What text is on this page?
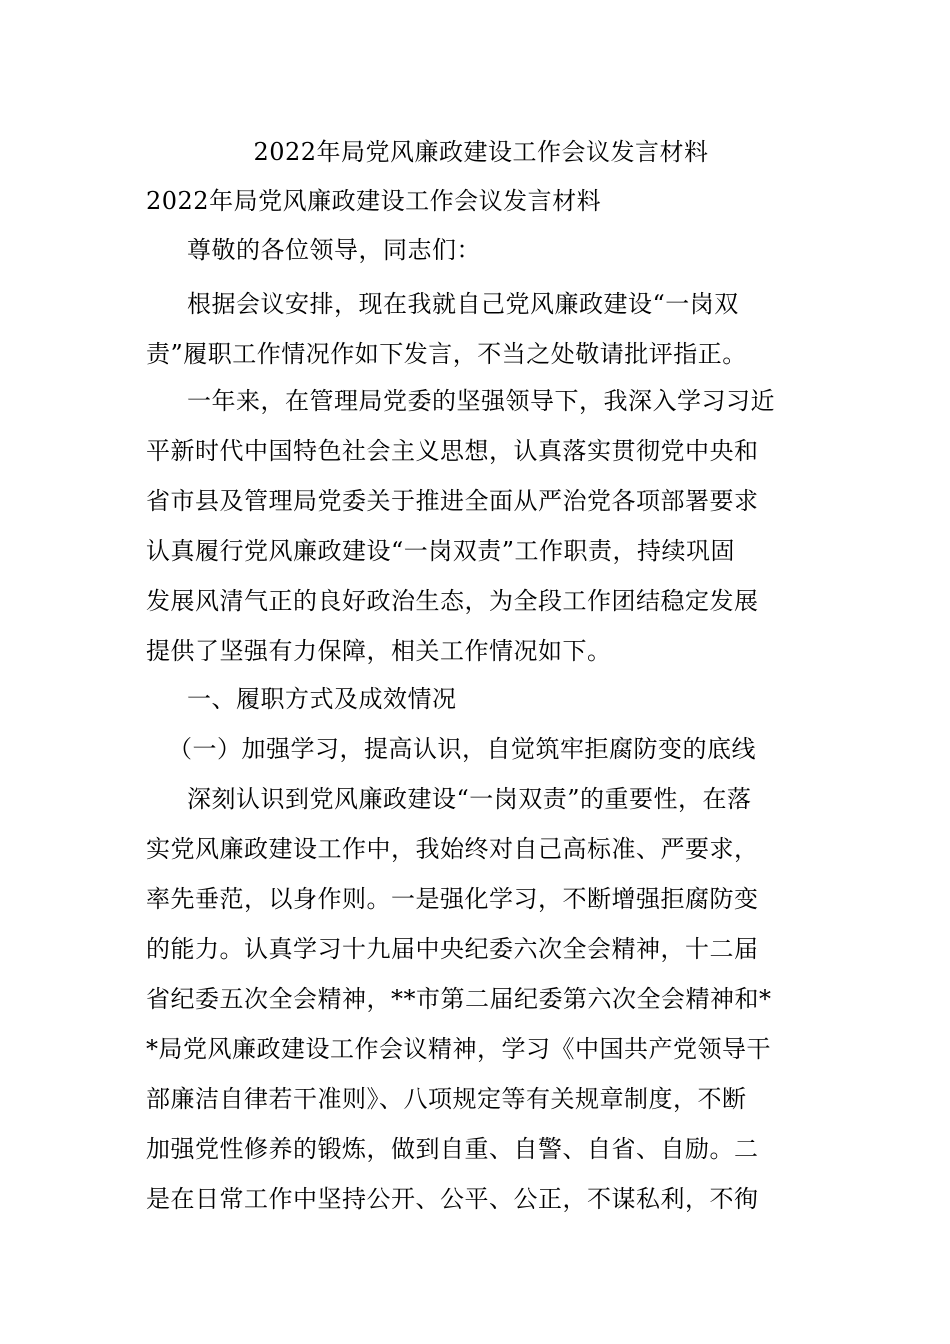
2022年局党风廉政建设工作会议发言材料
2022年局党风廉政建设工作会议发言材料
尊敬的各位领导，同志们：
根据会议安排，现在我就自己党风廉政建设“一岗双
责”履职工作情况作如下发言，不当之处敬请批评指正。
一年来，在管理局党委的坚强领导下，我深入学习习近
平新时代中国特色社会主义思想，认真落实贯彻党中央和
省市县及管理局党委关于推进全面从严治党各项部署要求
认真履行党风廉政建设“一岗双责”工作职责，持续巩固
发展风清气正的良好政治生态，为全段工作团结稳定发展
提供了坚强有力保障，相关工作情况如下。
一、履职方式及成效情况
（一）加强学习，提高认识，自觉筑牢拒腐防变的底线
深刻认识到党风廉政建设“一岗双责”的重要性，在落
实党风廉政建设工作中，我始终对自己高标准、严要求，
率先垂范，以身作则。一是强化学习，不断增强拒腐防变
的能力。认真学习十九届中央纪委六次全会精神，十二届
省纪委五次全会精神，**市第二届纪委第六次全会精神和*
*局党风廉政建设工作会议精神，学习《中国共产党领导干
部廉洁自律若干准则》、八项规定等有关规章制度，不断
加强党性修养的锻炼，做到自重、自警、自省、自励。二
是在日常工作中坚持公开、公平、公正，不谋私利，不徇
